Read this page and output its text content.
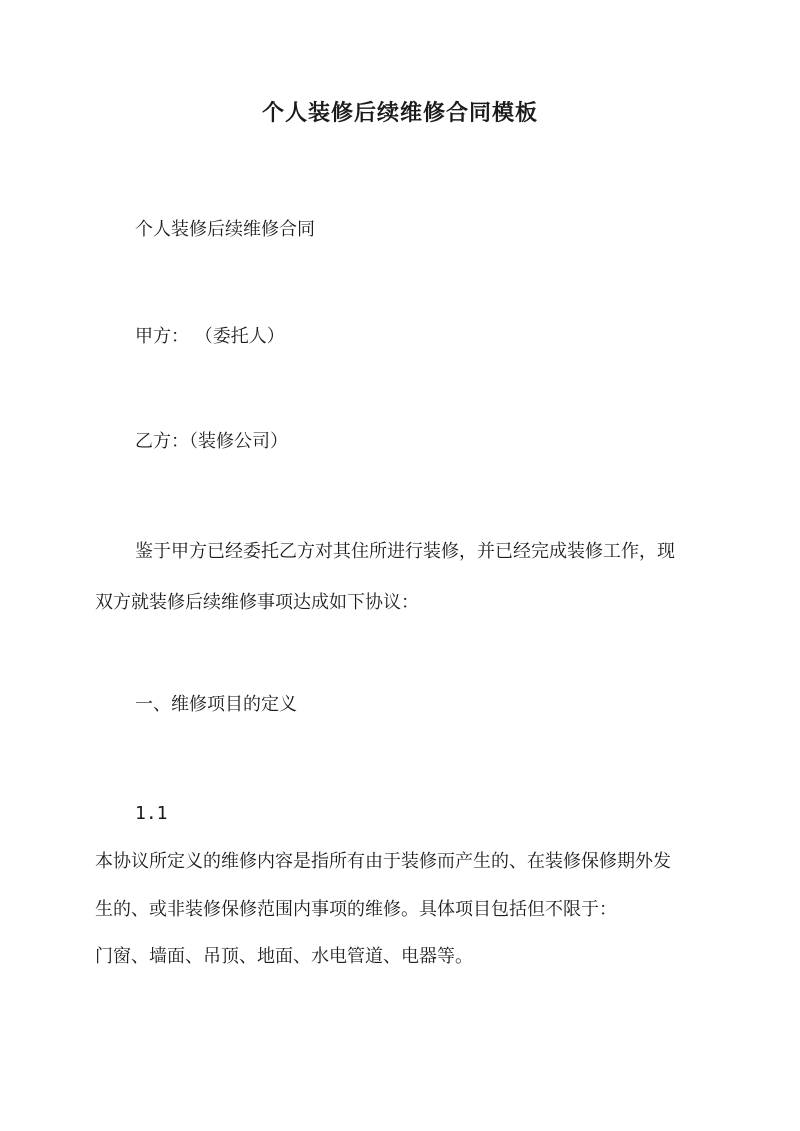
个人装修后续维修合同模板
个人装修后续维修合同
甲方： （委托人）
乙方：（装修公司）
鉴于甲方已经委托乙方对其住所进行装修，并已经完成装修工作，现
双方就装修后续维修事项达成如下协议：
一、维修项目的定义
1.1
本协议所定义的维修内容是指所有由于装修而产生的、在装修保修期外发
生的、或非装修保修范围内事项的维修。具体项目包括但不限于：
门窗、墙面、吊顶、地面、水电管道、电器等。
